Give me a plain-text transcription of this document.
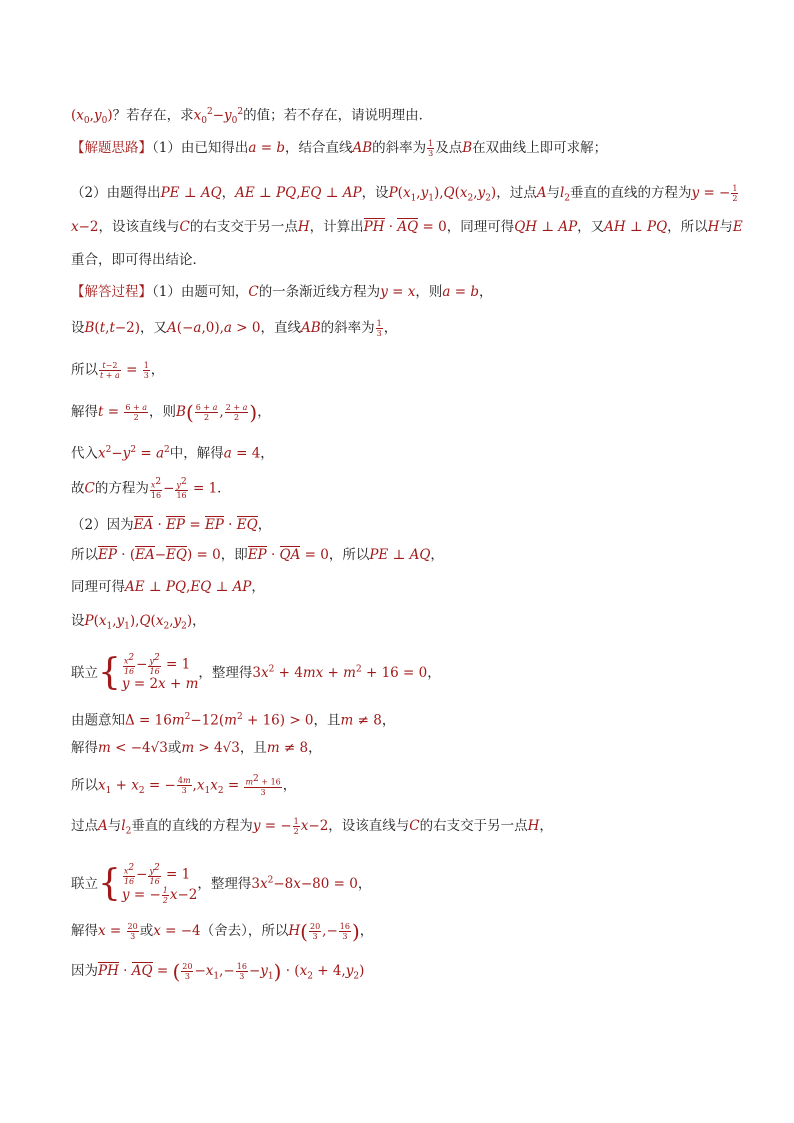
$(x_0,y_0)$？若存在，求$x_0^2-y_0^2$的值；若不存在，请说明理由．
【解题思路】（1）由已知得出a = b，结合直线AB的斜率为 $\frac{1}{3}$ 及点B在双曲线上即可求解；
（2）由题得出PE ⊥ AQ，AE ⊥ PQ,EQ ⊥ AP，设$P(x_1,y_1),Q(x_2,y_2)$，过点A与$l_2$垂直的直线的方程为y = − $\frac{1}{2}$
x−2，设该直线与C的右支交于另一点H，计算出PH · AQ = 0，同理可得QH ⊥ AP，又AH ⊥ PQ，所以H与E
重合，即可得出结论．
【解答过程】（1）由题可知，C的一条渐近线方程为y = x，则a = b，
设B(t,t−2)，又A(−a,0),a > 0，直线AB的斜率为 $\frac{1}{3}$ ，
所以 $\frac{t-2}{t + a} = \frac{1}{3}$ ，
解得$t = \frac{6 + a}{2}$ ，则$B( \frac{6 + a}{2}$ , $\frac{2 + a}{2}$ )，
代入$x^2-y^2 = a^2$中，解得a = 4，
故C的方程为 $\frac{x^2}{16} - \frac{y^2}{16} = 1$．
（2）因为EA · EP = EP · EQ，
所以EP · (EA−EQ) = 0，即EP · QA = 0，所以PE ⊥ AQ，
同理可得AE ⊥ PQ,EQ ⊥ AP，
设$P(x_1,y_1),Q(x_2,y_2)$，
联立{ $\frac{x^2}{16} - \frac{y^2}{16} = 1$
y = 2x + m
，整理得$3x^2 + 4mx + m^2 + 16 = 0$，
由题意知$\Delta = 16m^2-12(m^2 + 16) > 0$，且m ≠ 8，
解得m < −4√3或m > 4√3，且m ≠ 8，
所以$x_1 + x_2$ = − $\frac{4m}{3} ,x_1x_2 = \frac{m^2 + 16}{3}$ ，
过点A与$l_2$垂直的直线的方程为y = − $\frac{1}{2} x-2$，设该直线与C的右支交于另一点H，
联立{ $\frac{x^2}{16} - \frac{y^2}{16} = 1$
y = − $\frac{1}{2} x-2$
，整理得$3x^2-8x-80 = 0$，
解得$x = \frac{20}{3}$ 或x = −4（舍去），所以$H( \frac{20}{3}$ ,− $\frac{16}{3}$ )，
因为PH · AQ = ( $\frac{20}{3} -x_1,- \frac{16}{3} -y_1) \cdot (x_2 + 4,y_2)$
